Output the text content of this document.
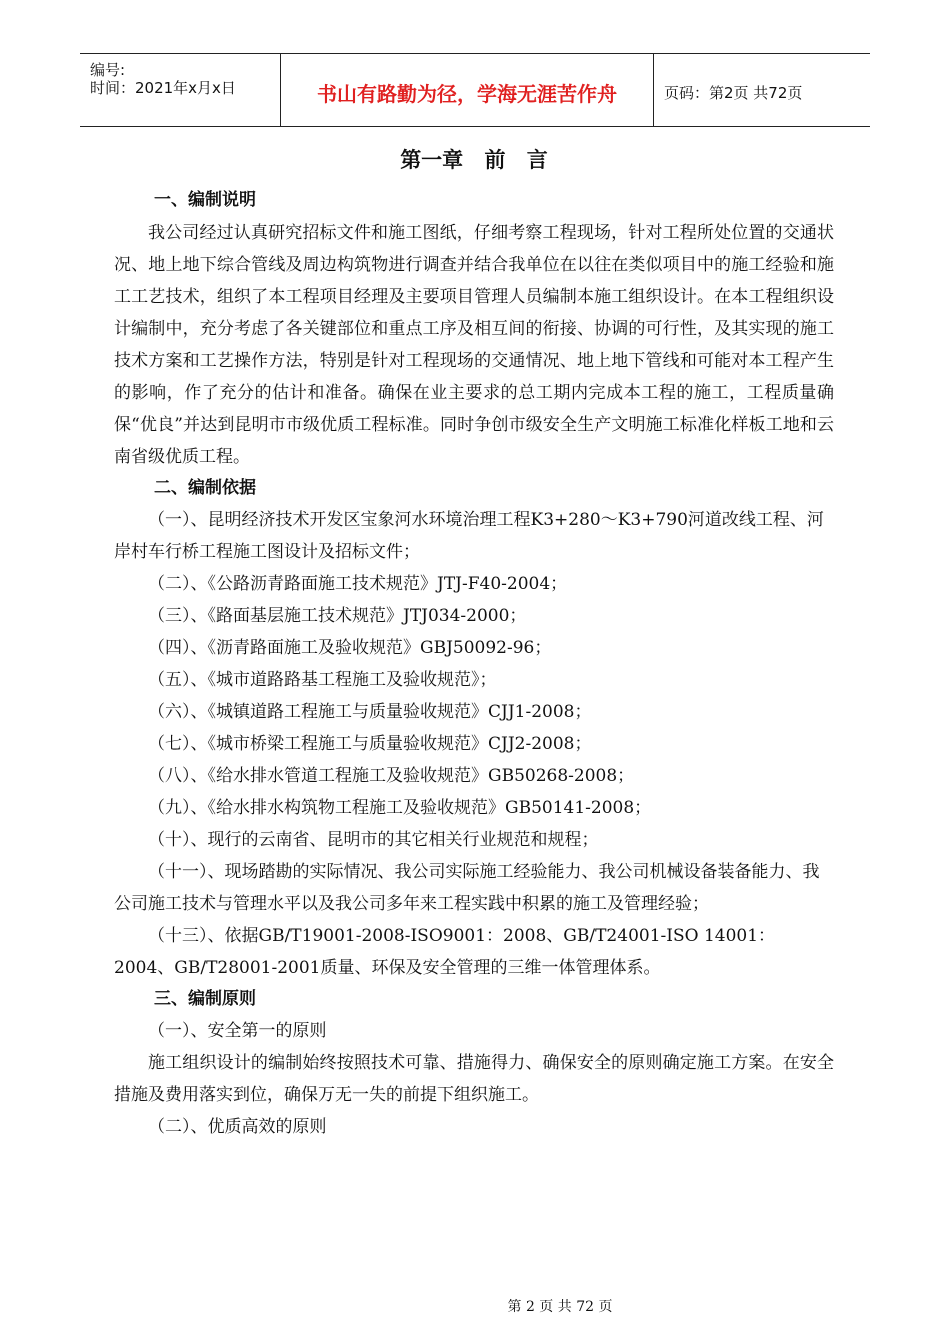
编号:
时间：2021年x月x日	书山有路勤为径，学海无涯苦作舟	页码：第2页 共72页
第一章 前 言
一、编制说明

我公司经过认真研究招标文件和施工图纸，仔细考察工程现场，针对工程所处位置的交通状况、地上地下综合管线及周边构筑物进行调查并结合我单位在以往在类似项目中的施工经验和施工工艺技术，组织了本工程项目经理及主要项目管理人员编制本施工组织设计。在本工程组织设计编制中，充分考虑了各关键部位和重点工序及相互间的衔接、协调的可行性，及其实现的施工技术方案和工艺操作方法，特别是针对工程现场的交通情况、地上地下管线和可能对本工程产生的影响，作了充分的估计和准备。确保在业主要求的总工期内完成本工程的施工，工程质量确保“优良”并达到昆明市市级优质工程标准。同时争创市级安全生产文明施工标准化样板工地和云南省级优质工程。

二、编制依据

（一）、昆明经济技术开发区宝象河水环境治理工程K3+280～K3+790河道改线工程、河岸村车行桥工程施工图设计及招标文件；

（二）、《公路沥青路面施工技术规范》JTJ-F40-2004；

（三）、《路面基层施工技术规范》JTJ034-2000；

（四）、《沥青路面施工及验收规范》GBJ50092-96；

（五）、《城市道路路基工程施工及验收规范》；

（六）、《城镇道路工程施工与质量验收规范》CJJ1-2008；

（七）、《城市桥梁工程施工与质量验收规范》CJJ2-2008；

（八）、《给水排水管道工程施工及验收规范》GB50268-2008；

（九）、《给水排水构筑物工程施工及验收规范》GB50141-2008；

（十）、现行的云南省、昆明市的其它相关行业规范和规程；

（十一）、现场踏勘的实际情况、我公司实际施工经验能力、我公司机械设备装备能力、我公司施工技术与管理水平以及我公司多年来工程实践中积累的施工及管理经验；

（十三）、依据GB/T19001-2008-ISO9001：2008、GB/T24001-ISO 14001：2004、GB/T28001-2001质量、环保及安全管理的三维一体管理体系。

三、编制原则

（一）、安全第一的原则

施工组织设计的编制始终按照技术可靠、措施得力、确保安全的原则确定施工方案。在安全措施及费用落实到位，确保万无一失的前提下组织施工。

（二）、优质高效的原则

第 2 页 共 72 页
